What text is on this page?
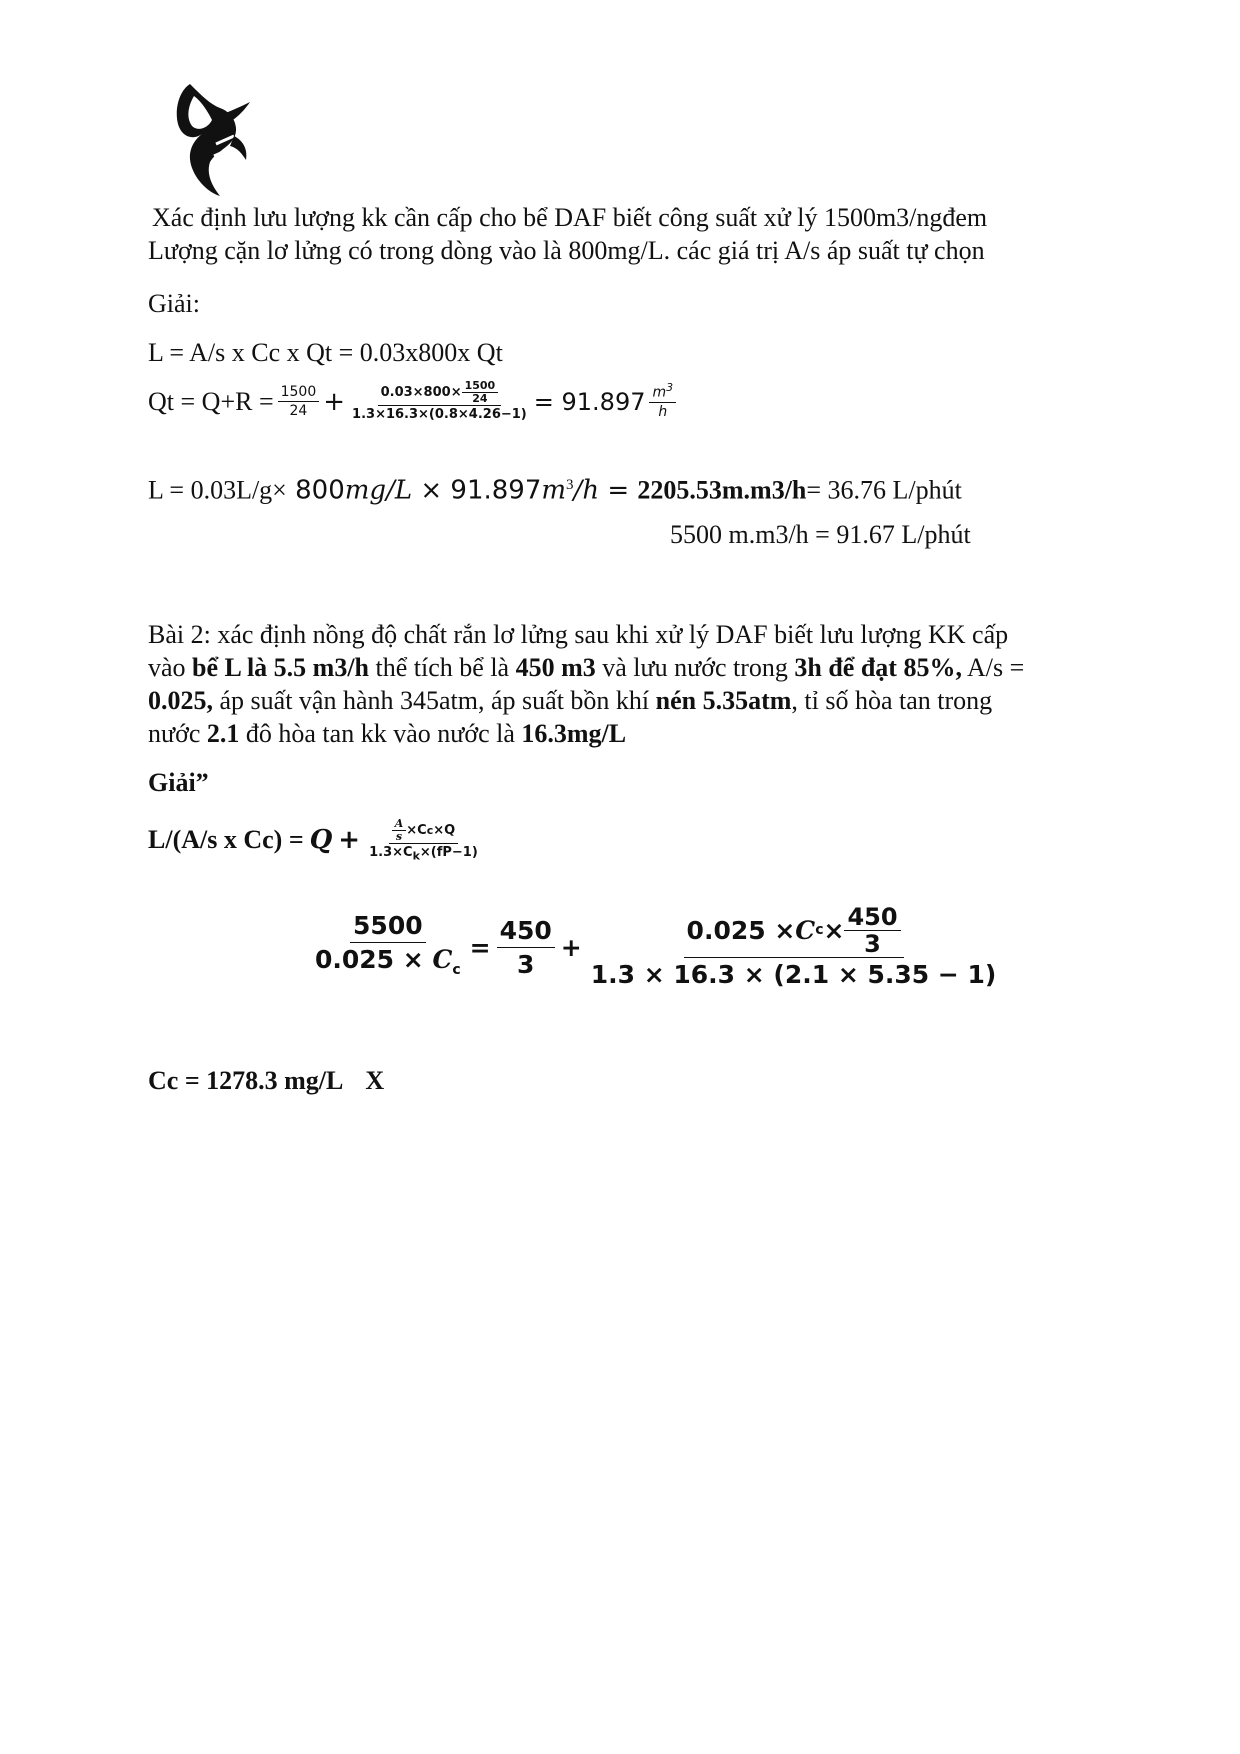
Xác định lưu lượng kk cần cấp cho bể DAF biết công suất xử lý 1500m3/ngđem
Lượng cặn lơ lửng có trong dòng vào là 800mg/L. các giá trị A/s áp suất tự chọn
Giải:
L = A/s x Cc x Qt = 0.03x800x Qt
$Qt = Q+R = \frac{1500}{24} + \frac{0.03\times 800\times \frac{1500}{24}}{1.3\times 16.3\times(0.8\times 4.26-1)} = 91.897 \frac{m^3}{h}$
$L = 0.03L/g\times 800mg/L \times 91.897m^3/h = 2205.53m.m3/h= 36.76$ L/phút
5500 m.m3/h = 91.67 L/phút
Bài 2: xác định nồng độ chất rắn lơ lửng sau khi xử lý DAF biết lưu lượng KK cấp
vào bể L là 5.5 m3/h thể tích bể là 450 m3 và lưu nước trong 3h để đạt 85%, A/s =
0.025, áp suất vận hành 345atm, áp suất bồn khí nén 5.35atm, tỉ số hòa tan trong
nước 2.1 đô hòa tan kk vào nước là 16.3mg/L
Giải”
L/(A/s x $Cc) = Q + \frac{\frac{A}{s} \times C c \times Q}{1.3\times C_k\times(fP-1)}$
$\frac{5500}{0.025 \times C_c} = \frac{450}{3} + \frac{0.025 \times C c \times \frac{450}{3}}{1.3 \times 16.3 \times (2.1 \times 5.35 - 1)}$
Cc = 1278.3 mg/L X
